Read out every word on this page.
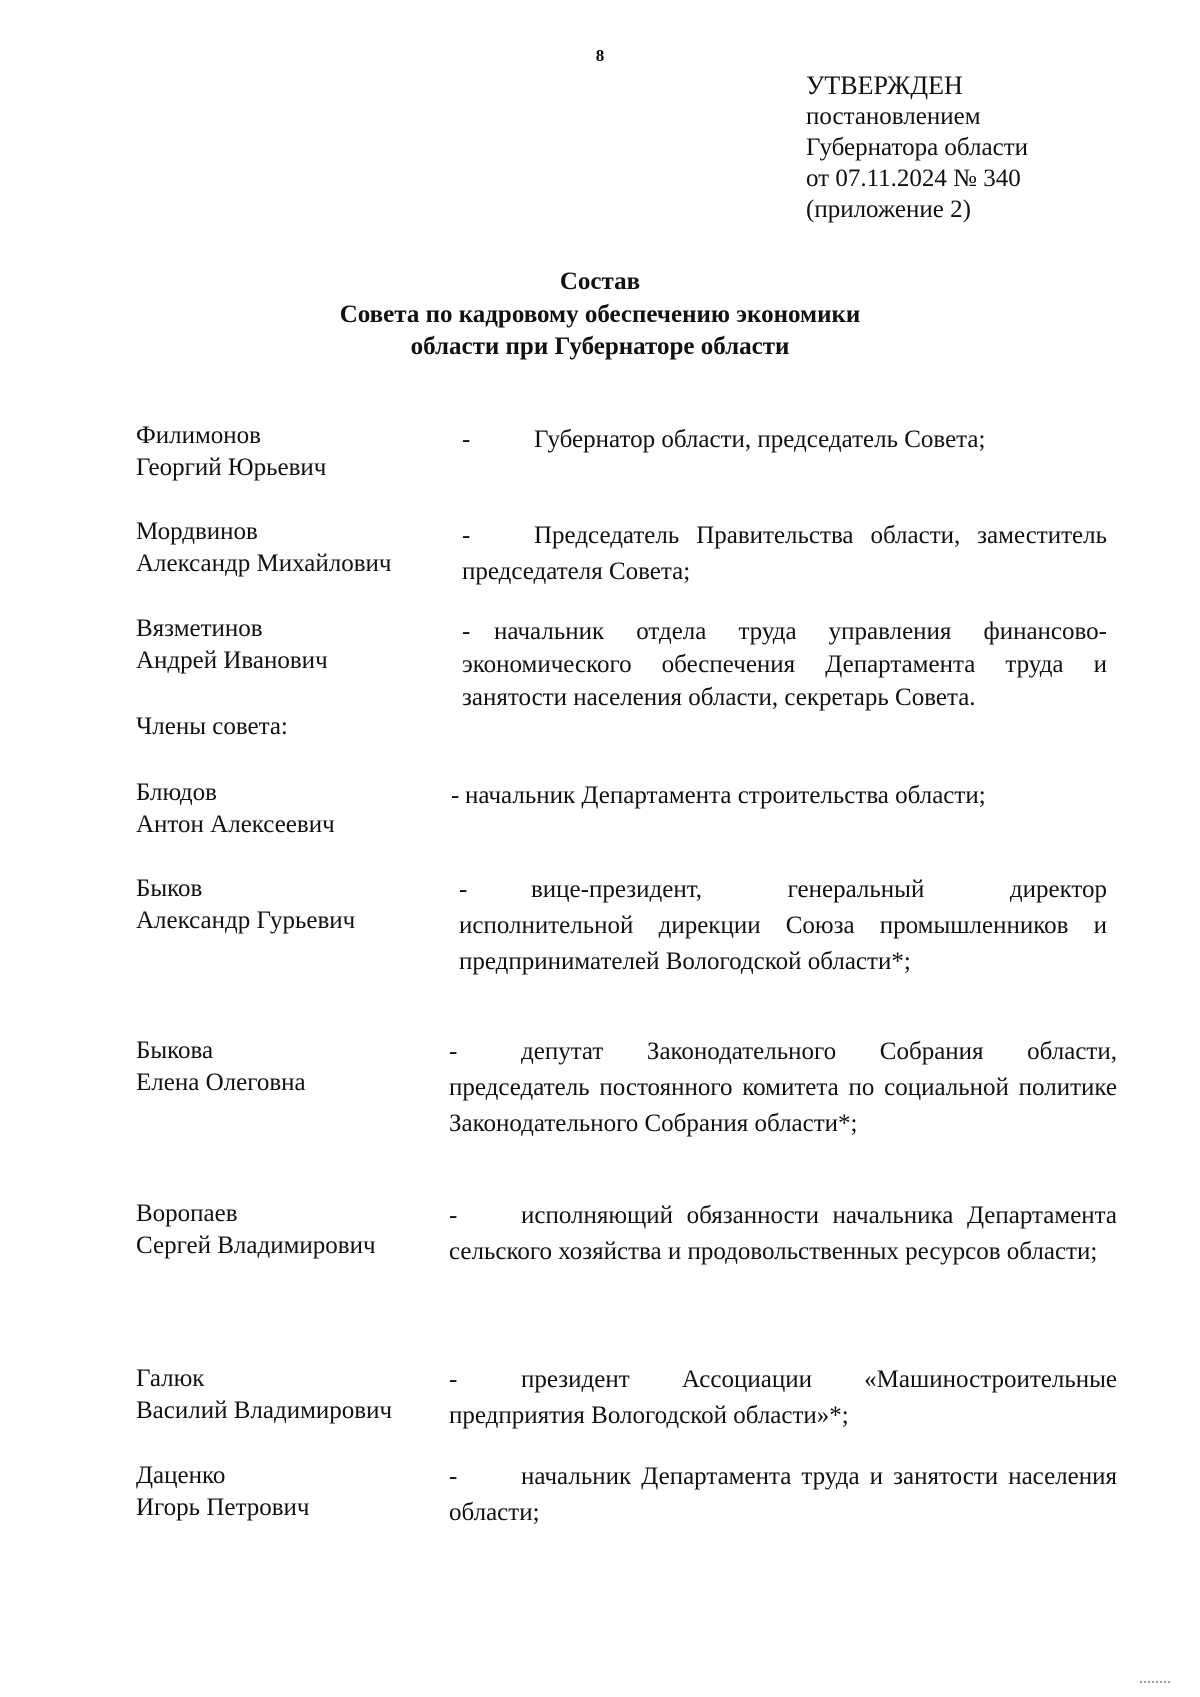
8
УТВЕРЖДЕН
постановлением
Губернатора области
от 07.11.2024 № 340
(приложение 2)
Состав
Совета по кадровому обеспечению экономики
области при Губернаторе области
Филимонов
Георгий Юрьевич
-	Губернатор области, председатель Совета;
Мордвинов
Александр Михайлович
-	Председатель Правительства области, заместитель председателя Совета;
Вязметинов
Андрей Иванович
- начальник отдела труда управления финансово-экономического обеспечения Департамента труда и занятости населения области, секретарь Совета.
Члены совета:
Блюдов
Антон Алексеевич
- начальник Департамента строительства области;
Быков
Александр Гурьевич
-	вице-президент, генеральный директор исполнительной дирекции Союза промышленников и предпринимателей Вологодской области*;
Быкова
Елена Олеговна
-	депутат Законодательного Собрания области, председатель постоянного комитета по социальной политике Законодательного Собрания области*;
Воропаев
Сергей Владимирович
-	исполняющий обязанности начальника Департамента сельского хозяйства и продовольственных ресурсов области;
Галюк
Василий Владимирович
-	президент Ассоциации «Машиностроительные предприятия Вологодской области»*;
Даценко
Игорь Петрович
-	начальник Департамента труда и занятости населения области;
